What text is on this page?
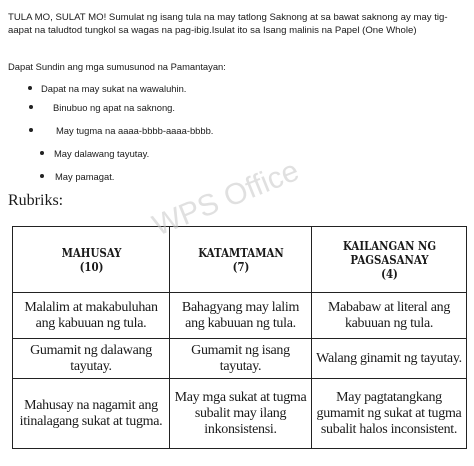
TULA MO, SULAT MO! Sumulat ng isang tula na may tatlong Saknong at sa bawat saknong ay may tig-aapat na taludtod tungkol sa wagas na pag-ibig.Isulat ito sa Isang malinis na Papel (One Whole)
Dapat Sundin ang mga sumusunod na Pamantayan:
Dapat na may sukat na wawaluhin.
Binubuo ng apat na saknong.
May tugma na aaaa-bbbb-aaaa-bbbb.
May dalawang tayutay.
May pamagat.
Rubriks:
MAHUSAY
(10)	KATAMTAMAN
(7)	KAILANGAN NG PAGSASANAY
(4)

Malalim at makabuluhan ang kabuuan ng tula.	Bahagyang may lalim ang kabuuan ng tula.	Mababaw at literal ang kabuuan ng tula.
Gumamit ng dalawang tayutay.	Gumamit ng isang tayutay.	Walang ginamit ng tayutay.
Mahusay na nagamit ang itinalagang sukat at tugma.	May mga sukat at tugma subalit may ilang inkonsistensi.	May pagtatangkang gumamit ng sukat at tugma subalit halos inconsistent.
WPS Office
